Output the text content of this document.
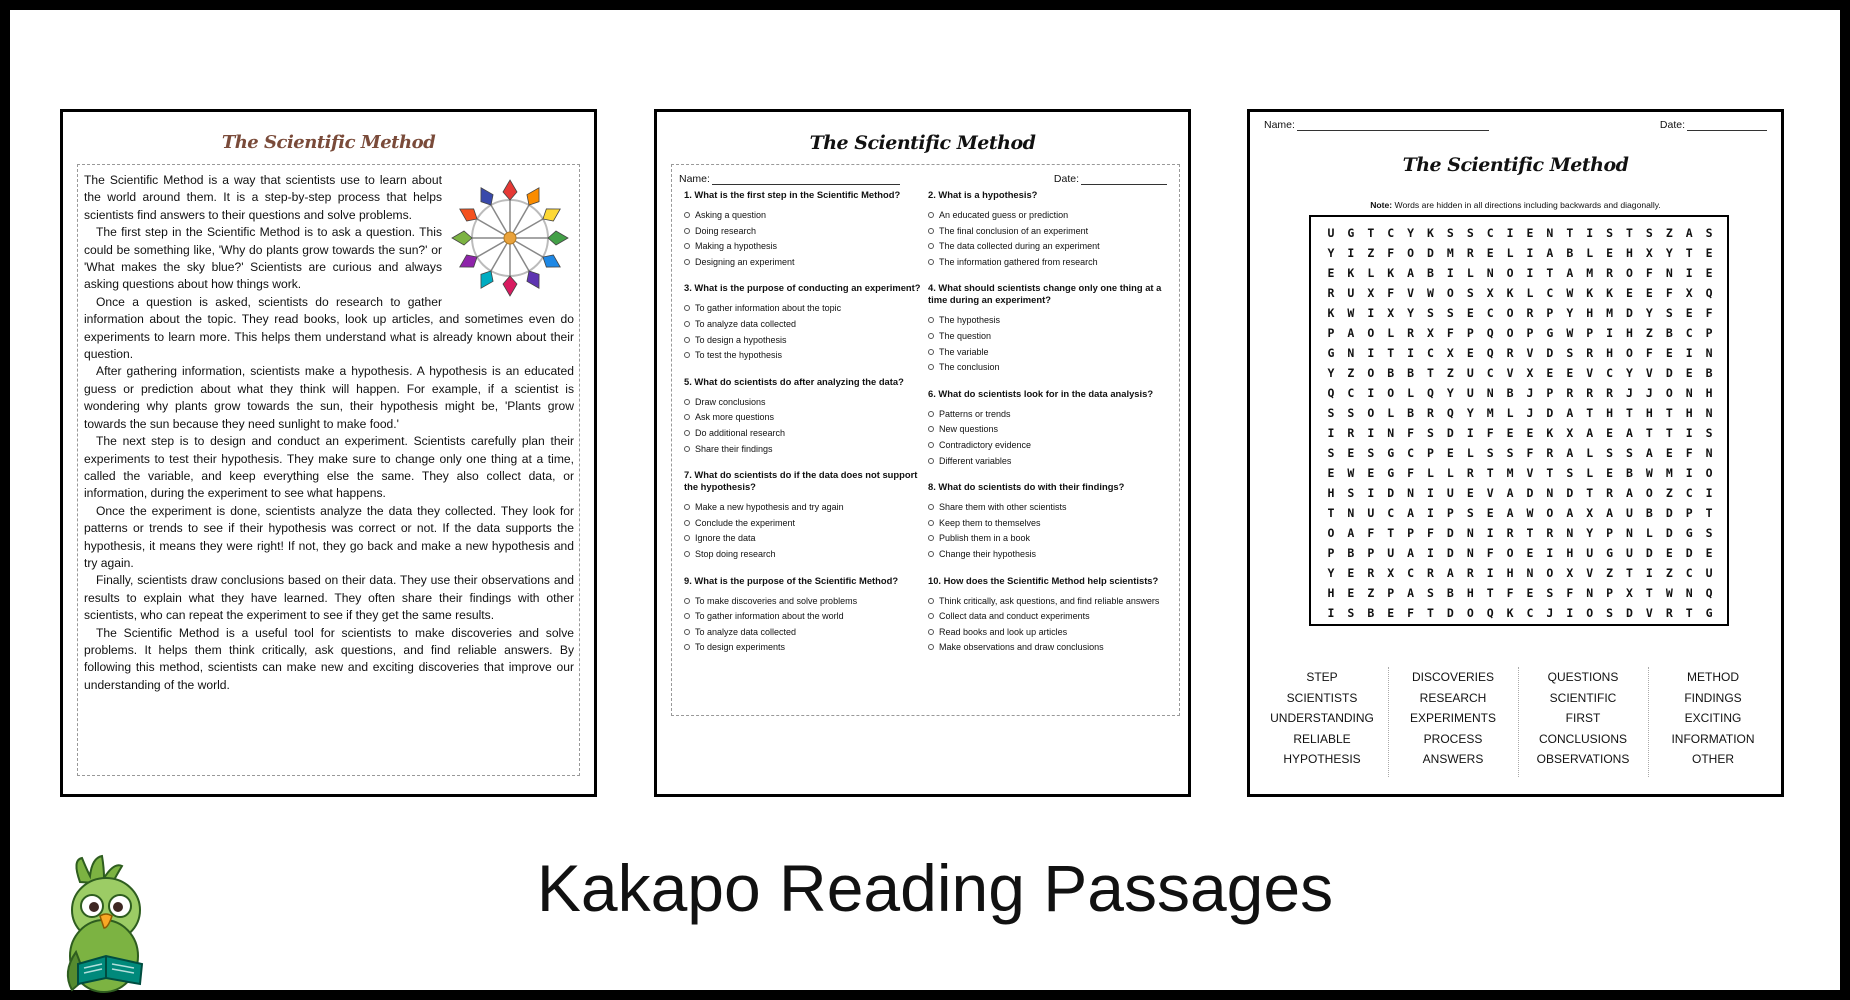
The Scientific Method

The Scientific Method is a way that scientists use to learn about the world around them. It is a step-by-step process that helps scientists find answers to their questions and solve problems.

The first step in the Scientific Method is to ask a question. This could be something like, 'Why do plants grow towards the sun?' or 'What makes the sky blue?' Scientists are curious and always asking questions about how things work.

Once a question is asked, scientists do research to gather information about the topic. They read books, look up articles, and sometimes even do experiments to learn more. This helps them understand what is already known about their question.

After gathering information, scientists make a hypothesis. A hypothesis is an educated guess or prediction about what they think will happen. For example, if a scientist is wondering why plants grow towards the sun, their hypothesis might be, 'Plants grow towards the sun because they need sunlight to make food.'

The next step is to design and conduct an experiment. Scientists carefully plan their experiments to test their hypothesis. They make sure to change only one thing at a time, called the variable, and keep everything else the same. They also collect data, or information, during the experiment to see what happens.

Once the experiment is done, scientists analyze the data they collected. They look for patterns or trends to see if their hypothesis was correct or not. If the data supports the hypothesis, it means they were right! If not, they go back and make a new hypothesis and try again.

Finally, scientists draw conclusions based on their data. They use their observations and results to explain what they have learned. They often share their findings with other scientists, who can repeat the experiment to see if they get the same results.

The Scientific Method is a useful tool for scientists to make discoveries and solve problems. It helps them think critically, ask questions, and find reliable answers. By following this method, scientists can make new and exciting discoveries that improve our understanding of the world.

The Scientific Method
Name:	Date:
1. What is the first step in the Scientific Method?
Asking a question
Doing research
Making a hypothesis
Designing an experiment
3. What is the purpose of conducting an experiment?
To gather information about the topic
To analyze data collected
To design a hypothesis
To test the hypothesis
5. What do scientists do after analyzing the data?
Draw conclusions
Ask more questions
Do additional research
Share their findings
7. What do scientists do if the data does not support the hypothesis?
Make a new hypothesis and try again
Conclude the experiment
Ignore the data
Stop doing research
9. What is the purpose of the Scientific Method?
To make discoveries and solve problems
To gather information about the world
To analyze data collected
To design experiments
2. What is a hypothesis?
An educated guess or prediction
The final conclusion of an experiment
The data collected during an experiment
The information gathered from research
4. What should scientists change only one thing at a time during an experiment?
The hypothesis
The question
The variable
The conclusion
6. What do scientists look for in the data analysis?
Patterns or trends
New questions
Contradictory evidence
Different variables
8. What do scientists do with their findings?
Share them with other scientists
Keep them to themselves
Publish them in a book
Change their hypothesis
10. How does the Scientific Method help scientists?
Think critically, ask questions, and find reliable answers
Collect data and conduct experiments
Read books and look up articles
Make observations and draw conclusions
Name:	Date:
The Scientific Method
Note: Words are hidden in all directions including backwards and diagonally.
U	G	T	C	Y	K	S	S	C	I	E	N	T	I	S	T	S	Z	A	S
Y	I	Z	F	O	D	M	R	E	L	I	A	B	L	E	H	X	Y	T	E
E	K	L	K	A	B	I	L	N	O	I	T	A	M	R	O	F	N	I	E
R	U	X	F	V	W	O	S	X	K	L	C	W	K	K	E	E	F	X	Q
K	W	I	X	Y	S	S	E	C	O	R	P	Y	H	M	D	Y	S	E	F
P	A	O	L	R	X	F	P	Q	O	P	G	W	P	I	H	Z	B	C	P
G	N	I	T	I	C	X	E	Q	R	V	D	S	R	H	O	F	E	I	N
Y	Z	O	B	B	T	Z	U	C	V	X	E	E	V	C	Y	V	D	E	B
Q	C	I	O	L	Q	Y	U	N	B	J	P	R	R	R	J	J	O	N	H
S	S	O	L	B	R	Q	Y	M	L	J	D	A	T	H	T	H	T	H	N
I	R	I	N	F	S	D	I	F	E	E	K	X	A	E	A	T	T	I	S
S	E	S	G	C	P	E	L	S	S	F	R	A	L	S	S	A	E	F	N
E	W	E	G	F	L	L	R	T	M	V	T	S	L	E	B	W	M	I	O
H	S	I	D	N	I	U	E	V	A	D	N	D	T	R	A	O	Z	C	I
T	N	U	C	A	I	P	S	E	A	W	O	A	X	A	U	B	D	P	T
O	A	F	T	P	F	D	N	I	R	T	R	N	Y	P	N	L	D	G	S
P	B	P	U	A	I	D	N	F	O	E	I	H	U	G	U	D	E	D	E
Y	E	R	X	C	R	A	R	I	H	N	O	X	V	Z	T	I	Z	C	U
H	E	Z	P	A	S	B	H	T	F	E	S	F	N	P	X	T	W	N	Q
I	S	B	E	F	T	D	O	Q	K	C	J	I	O	S	D	V	R	T	G
STEP
SCIENTISTS
UNDERSTANDING
RELIABLE
HYPOTHESIS
DISCOVERIES
RESEARCH
EXPERIMENTS
PROCESS
ANSWERS
QUESTIONS
SCIENTIFIC
FIRST
CONCLUSIONS
OBSERVATIONS
METHOD
FINDINGS
EXCITING
INFORMATION
OTHER
Kakapo Reading Passages
